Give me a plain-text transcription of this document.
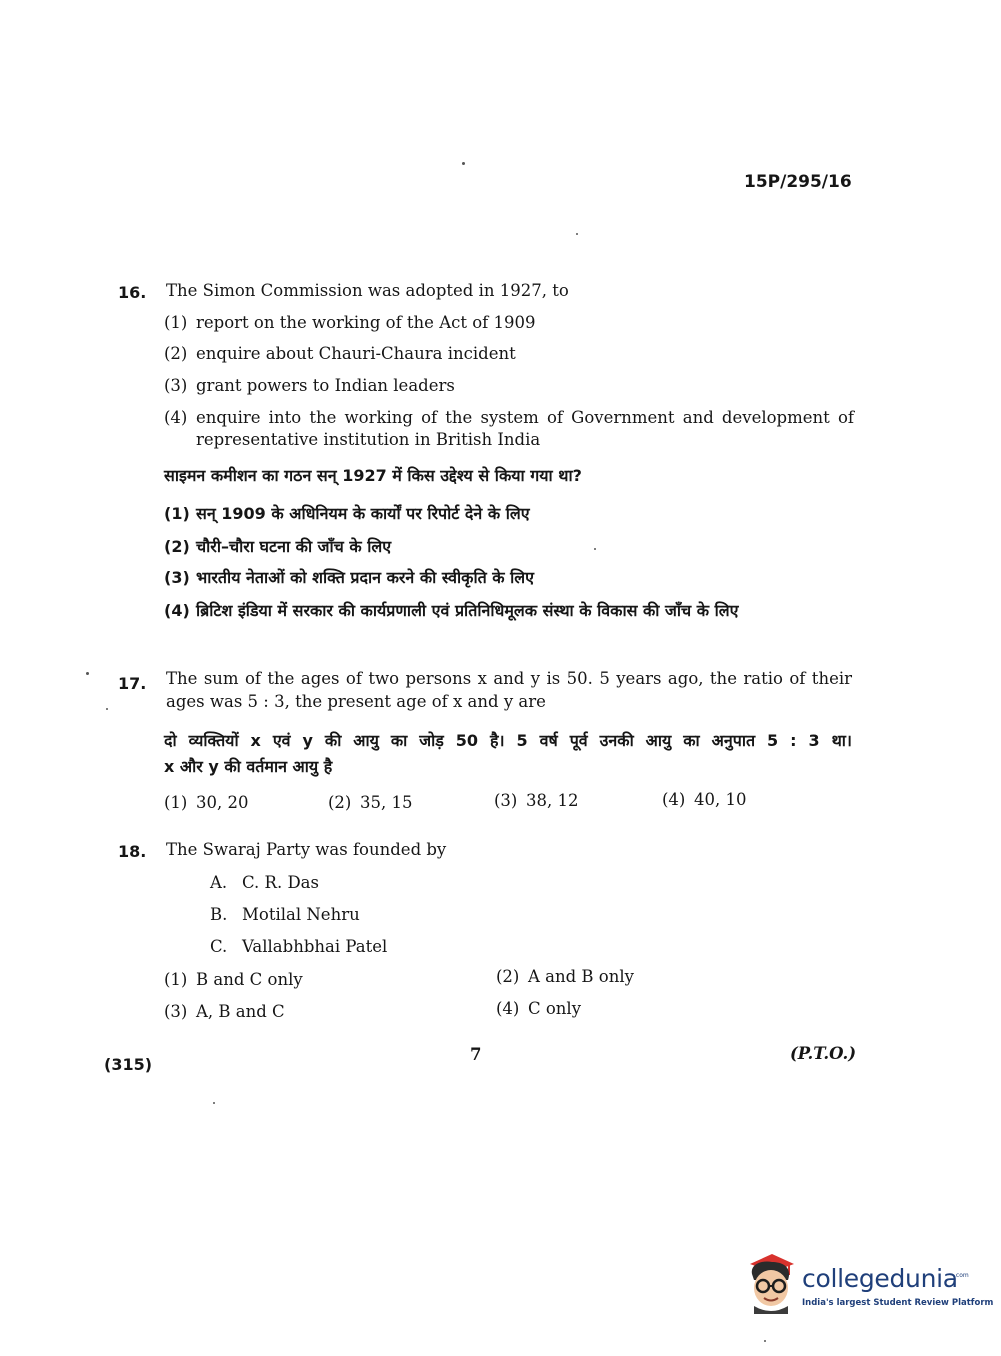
15P/295/16
16. The Simon Commission was adopted in 1927, to
(1) report on the working of the Act of 1909
(2) enquire about Chauri-Chaura incident
(3) grant powers to Indian leaders
(4) enquire into the working of the system of Government and development of representative institution in British India
साइमन कमीशन का गठन सन् 1927 में किस उद्देश्य से किया गया था?
(1) सन् 1909 के अधिनियम के कार्यों पर रिपोर्ट देने के लिए
(2) चौरी–चौरा घटना की जाँच के लिए
(3) भारतीय नेताओं को शक्ति प्रदान करने की स्वीकृति के लिए
(4) ब्रिटिश इंडिया में सरकार की कार्यप्रणाली एवं प्रतिनिधिमूलक संस्था के विकास की जाँच के लिए
17. The sum of the ages of two persons x and y is 50. 5 years ago, the ratio of their
ages was 5 : 3, the present age of x and y are
दो व्यक्तियों x एवं y की आयु का जोड़ 50 है। 5 वर्ष पूर्व उनकी आयु का अनुपात 5 : 3 था।
x और y की वर्तमान आयु है
(1) 30, 20	(2) 35, 15	(3) 38, 12	(4) 40, 10
18. The Swaraj Party was founded by
A. C. R. Das
B. Motilal Nehru
C. Vallabhbhai Patel
(1) B and C only	(2) A and B only
(3) A, B and C	(4) C only
(315)
7	(P.T.O.)
collegedunia
.com
India's largest Student Review Platform
